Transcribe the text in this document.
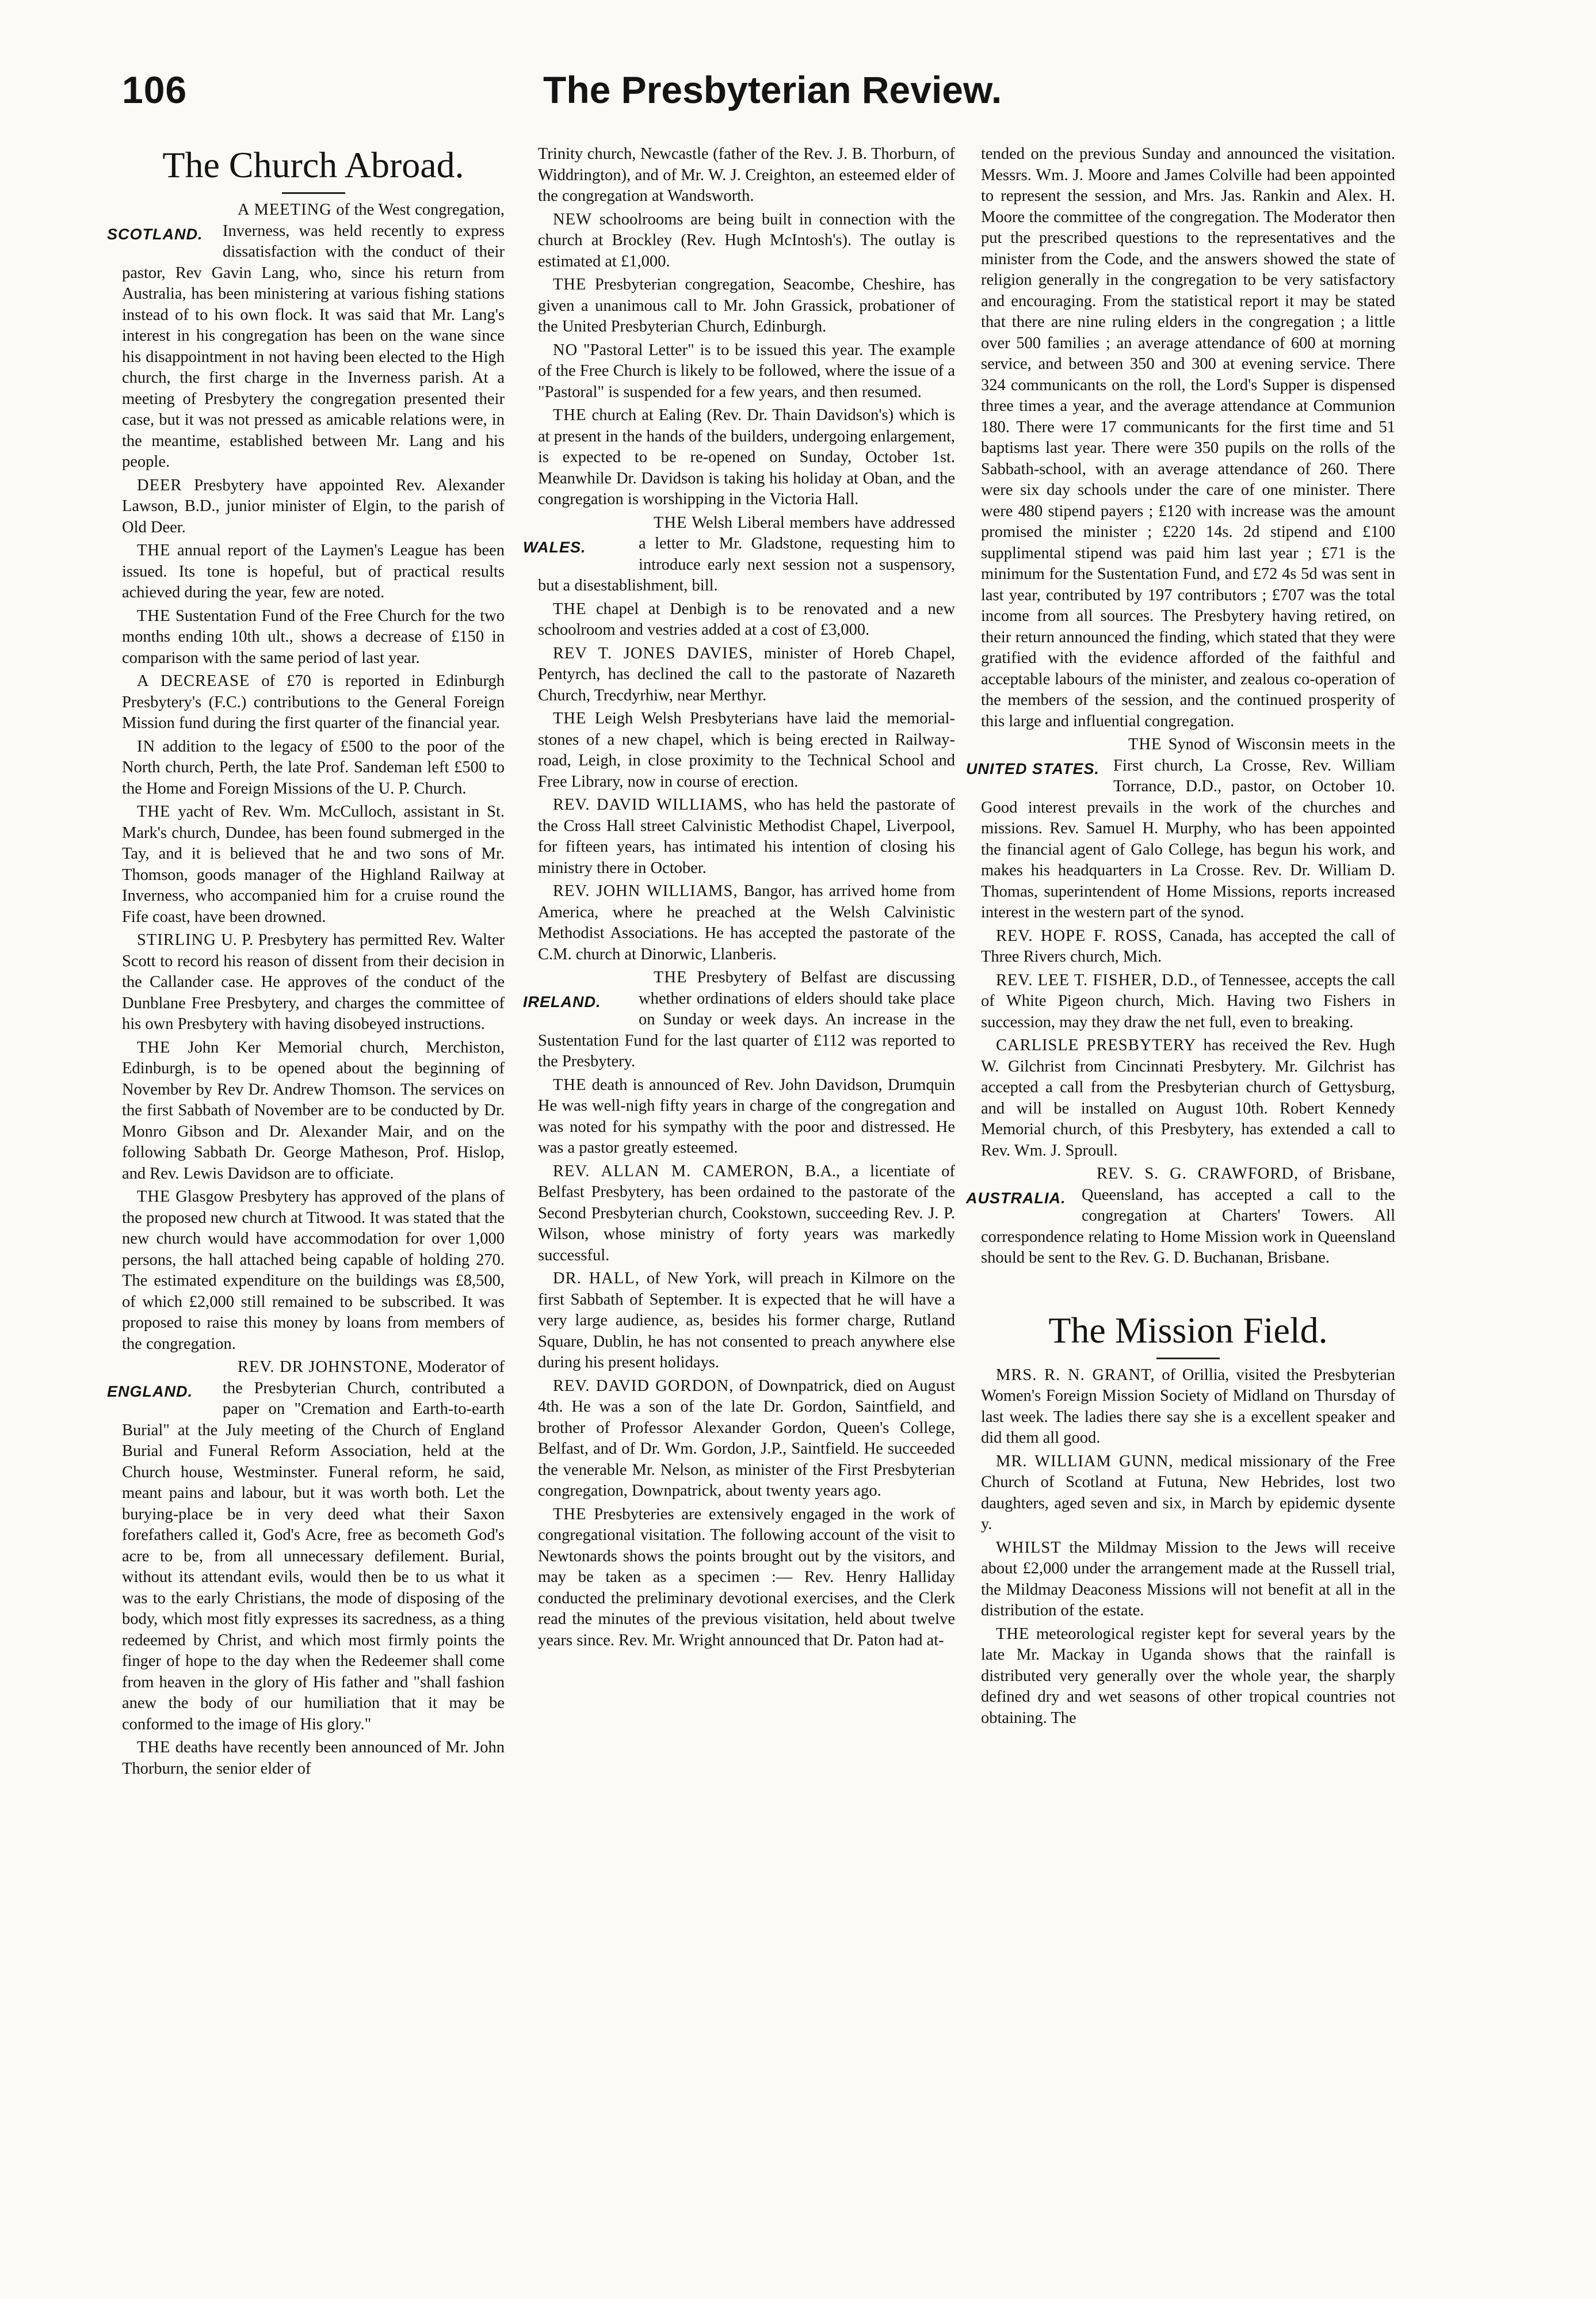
106	The Presbyterian Review.
The Church Abroad.

SCOTLAND.
A MEETING of the West congregation, Inverness, was held recently to express dissatisfaction with the conduct of their pastor, Rev Gavin Lang, who, since his return from Australia, has been ministering at various fishing stations instead of to his own flock. It was said that Mr. Lang's interest in his congregation has been on the wane since his disappointment in not having been elected to the High church, the first charge in the Inverness parish. At a meeting of Presbytery the congregation presented their case, but it was not pressed as amicable relations were, in the meantime, established between Mr. Lang and his people.

DEER Presbytery have appointed Rev. Alexander Lawson, B.D., junior minister of Elgin, to the parish of Old Deer.

THE annual report of the Laymen's League has been issued. Its tone is hopeful, but of practical results achieved during the year, few are noted.

THE Sustentation Fund of the Free Church for the two months ending 10th ult., shows a decrease of £150 in comparison with the same period of last year.

A DECREASE of £70 is reported in Edinburgh Presbytery's (F.C.) contributions to the General Foreign Mission fund during the first quarter of the financial year.

IN addition to the legacy of £500 to the poor of the North church, Perth, the late Prof. Sandeman left £500 to the Home and Foreign Missions of the U. P. Church.

THE yacht of Rev. Wm. McCulloch, assistant in St. Mark's church, Dundee, has been found submerged in the Tay, and it is believed that he and two sons of Mr. Thomson, goods manager of the Highland Railway at Inverness, who accompanied him for a cruise round the Fife coast, have been drowned.

STIRLING U. P. Presbytery has permitted Rev. Walter Scott to record his reason of dissent from their decision in the Callander case. He approves of the conduct of the Dunblane Free Presbytery, and charges the committee of his own Presbytery with having disobeyed instructions.

THE John Ker Memorial church, Merchiston, Edinburgh, is to be opened about the beginning of November by Rev Dr. Andrew Thomson. The services on the first Sabbath of November are to be conducted by Dr. Monro Gibson and Dr. Alexander Mair, and on the following Sabbath Dr. George Matheson, Prof. Hislop, and Rev. Lewis Davidson are to officiate.

THE Glasgow Presbytery has approved of the plans of the proposed new church at Titwood. It was stated that the new church would have accommodation for over 1,000 persons, the hall attached being capable of holding 270. The estimated expenditure on the buildings was £8,500, of which £2,000 still remained to be subscribed. It was proposed to raise this money by loans from members of the congregation.

ENGLAND.
REV. DR JOHNSTONE, Moderator of the Presbyterian Church, contributed a paper on "Cremation and Earth-to-earth Burial" at the July meeting of the Church of England Burial and Funeral Reform Association, held at the Church house, Westminster. Funeral reform, he said, meant pains and labour, but it was worth both. Let the burying-place be in very deed what their Saxon forefathers called it, God's Acre, free as becometh God's acre to be, from all unnecessary defilement. Burial, without its attendant evils, would then be to us what it was to the early Christians, the mode of disposing of the body, which most fitly expresses its sacredness, as a thing redeemed by Christ, and which most firmly points the finger of hope to the day when the Redeemer shall come from heaven in the glory of His father and "shall fashion anew the body of our humiliation that it may be conformed to the image of His glory."

THE deaths have recently been announced of Mr. John Thorburn, the senior elder of

Trinity church, Newcastle (father of the Rev. J. B. Thorburn, of Widdrington), and of Mr. W. J. Creighton, an esteemed elder of the congregation at Wandsworth.

NEW schoolrooms are being built in connection with the church at Brockley (Rev. Hugh McIntosh's). The outlay is estimated at £1,000.

THE Presbyterian congregation, Seacombe, Cheshire, has given a unanimous call to Mr. John Grassick, probationer of the United Presbyterian Church, Edinburgh.

NO "Pastoral Letter" is to be issued this year. The example of the Free Church is likely to be followed, where the issue of a "Pastoral" is suspended for a few years, and then resumed.

THE church at Ealing (Rev. Dr. Thain Davidson's) which is at present in the hands of the builders, undergoing enlargement, is expected to be re-opened on Sunday, October 1st. Meanwhile Dr. Davidson is taking his holiday at Oban, and the congregation is worshipping in the Victoria Hall.

WALES.
THE Welsh Liberal members have addressed a letter to Mr. Gladstone, requesting him to introduce early next session not a suspensory, but a disestablishment, bill.

THE chapel at Denbigh is to be renovated and a new schoolroom and vestries added at a cost of £3,000.

REV T. JONES DAVIES, minister of Horeb Chapel, Pentyrch, has declined the call to the pastorate of Nazareth Church, Trecdyrhiw, near Merthyr.

THE Leigh Welsh Presbyterians have laid the memorial-stones of a new chapel, which is being erected in Railway-road, Leigh, in close proximity to the Technical School and Free Library, now in course of erection.

REV. DAVID WILLIAMS, who has held the pastorate of the Cross Hall street Calvinistic Methodist Chapel, Liverpool, for fifteen years, has intimated his intention of closing his ministry there in October.

REV. JOHN WILLIAMS, Bangor, has arrived home from America, where he preached at the Welsh Calvinistic Methodist Associations. He has accepted the pastorate of the C.M. church at Dinorwic, Llanberis.

IRELAND.
THE Presbytery of Belfast are discussing whether ordinations of elders should take place on Sunday or week days. An increase in the Sustentation Fund for the last quarter of £112 was reported to the Presbytery.

THE death is announced of Rev. John Davidson, Drumquin He was well-nigh fifty years in charge of the congregation and was noted for his sympathy with the poor and distressed. He was a pastor greatly esteemed.

REV. ALLAN M. CAMERON, B.A., a licentiate of Belfast Presbytery, has been ordained to the pastorate of the Second Presbyterian church, Cookstown, succeeding Rev. J. P. Wilson, whose ministry of forty years was markedly successful.

DR. HALL, of New York, will preach in Kilmore on the first Sabbath of September. It is expected that he will have a very large audience, as, besides his former charge, Rutland Square, Dublin, he has not consented to preach anywhere else during his present holidays.

REV. DAVID GORDON, of Downpatrick, died on August 4th. He was a son of the late Dr. Gordon, Saintfield, and brother of Professor Alexander Gordon, Queen's College, Belfast, and of Dr. Wm. Gordon, J.P., Saintfield. He succeeded the venerable Mr. Nelson, as minister of the First Presbyterian congregation, Downpatrick, about twenty years ago.

THE Presbyteries are extensively engaged in the work of congregational visitation. The following account of the visit to Newtonards shows the points brought out by the visitors, and may be taken as a specimen :— Rev. Henry Halliday conducted the preliminary devotional exercises, and the Clerk read the minutes of the previous visitation, held about twelve years since. Rev. Mr. Wright announced that Dr. Paton had at-

tended on the previous Sunday and announced the visitation. Messrs. Wm. J. Moore and James Colville had been appointed to represent the session, and Mrs. Jas. Rankin and Alex. H. Moore the committee of the congregation. The Moderator then put the prescribed questions to the representatives and the minister from the Code, and the answers showed the state of religion generally in the congregation to be very satisfactory and encouraging. From the statistical report it may be stated that there are nine ruling elders in the congregation ; a little over 500 families ; an average attendance of 600 at morning service, and between 350 and 300 at evening service. There 324 communicants on the roll, the Lord's Supper is dispensed three times a year, and the average attendance at Communion 180. There were 17 communicants for the first time and 51 baptisms last year. There were 350 pupils on the rolls of the Sabbath-school, with an average attendance of 260. There were six day schools under the care of one minister. There were 480 stipend payers ; £120 with increase was the amount promised the minister ; £220 14s. 2d stipend and £100 supplimental stipend was paid him last year ; £71 is the minimum for the Sustentation Fund, and £72 4s 5d was sent in last year, contributed by 197 contributors ; £707 was the total income from all sources. The Presbytery having retired, on their return announced the finding, which stated that they were gratified with the evidence afforded of the faithful and acceptable labours of the minister, and zealous co-operation of the members of the session, and the continued prosperity of this large and influential congregation.

UNITED STATES.
THE Synod of Wisconsin meets in the First church, La Crosse, Rev. William Torrance, D.D., pastor, on October 10. Good interest prevails in the work of the churches and missions. Rev. Samuel H. Murphy, who has been appointed the financial agent of Galo College, has begun his work, and makes his headquarters in La Crosse. Rev. Dr. William D. Thomas, superintendent of Home Missions, reports increased interest in the western part of the synod.

REV. HOPE F. ROSS, Canada, has accepted the call of Three Rivers church, Mich.

REV. LEE T. FISHER, D.D., of Tennessee, accepts the call of White Pigeon church, Mich. Having two Fishers in succession, may they draw the net full, even to breaking.

CARLISLE PRESBYTERY has received the Rev. Hugh W. Gilchrist from Cincinnati Presbytery. Mr. Gilchrist has accepted a call from the Presbyterian church of Gettysburg, and will be installed on August 10th. Robert Kennedy Memorial church, of this Presbytery, has extended a call to Rev. Wm. J. Sproull.

AUSTRALIA.
REV. S. G. CRAWFORD, of Brisbane, Queensland, has accepted a call to the congregation at Charters' Towers. All correspondence relating to Home Mission work in Queensland should be sent to the Rev. G. D. Buchanan, Brisbane.

The Mission Field.

MRS. R. N. GRANT, of Orillia, visited the Presbyterian Women's Foreign Mission Society of Midland on Thursday of last week. The ladies there say she is a excellent speaker and did them all good.

MR. WILLIAM GUNN, medical missionary of the Free Church of Scotland at Futuna, New Hebrides, lost two daughters, aged seven and six, in March by epidemic dysente y.

WHILST the Mildmay Mission to the Jews will receive about £2,000 under the arrangement made at the Russell trial, the Mildmay Deaconess Missions will not benefit at all in the distribution of the estate.

THE meteorological register kept for several years by the late Mr. Mackay in Uganda shows that the rainfall is distributed very generally over the whole year, the sharply defined dry and wet seasons of other tropical countries not obtaining. The
